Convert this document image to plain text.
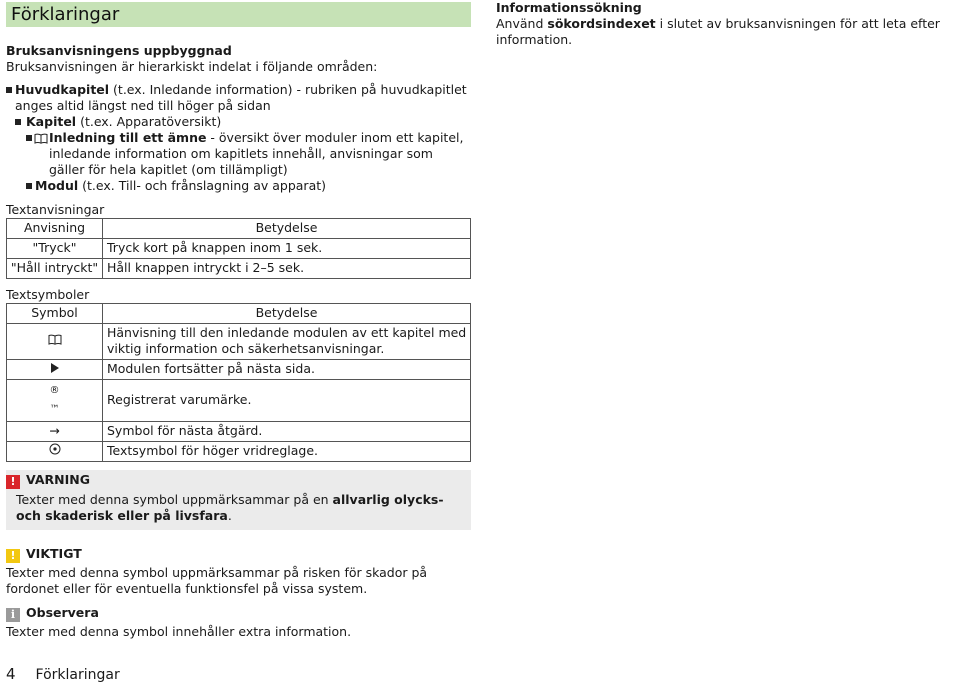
Förklaringar

Bruksanvisningens uppbyggnad

Bruksanvisningen är hierarkiskt indelat i följande områden:

Huvudkapitel (t.ex. Inledande information) - rubriken på huvudkapitlet anges altid längst ned till höger på sidan
Kapitel (t.ex. Apparatöversikt)
Inledning till ett ämne - översikt över moduler inom ett kapitel, inledande information om kapitlets innehåll, anvisningar som gäller för hela kapitlet (om tillämpligt)
Modul (t.ex. Till- och frånslagning av apparat)

Textanvisningar

Anvisning	Betydelse
"Tryck"	Tryck kort på knappen inom 1 sek.
"Håll intryckt"	Håll knappen intryckt i 2–5 sek.

Textsymboler

Symbol	Betydelse
	Hänvisning till den inledande modulen av ett kapitel med viktig information och säkerhetsanvisningar.
	Modulen fortsätter på nästa sida.

®
™	Registrerat varumärke.
→	Symbol för nästa åtgärd.
	Textsymbol för höger vridreglage.
! VARNING

Texter med denna symbol uppmärksammar på en allvarlig olycks- och skaderisk eller på livsfara.

! VIKTIGT

Texter med denna symbol uppmärksammar på risken för skador på fordonet eller för eventuella funktionsfel på vissa system.

i Observera

Texter med denna symbol innehåller extra information.

Informationssökning

Använd sökordsindexet i slutet av bruksanvisningen för att leta efter information.

4 Förklaringar
